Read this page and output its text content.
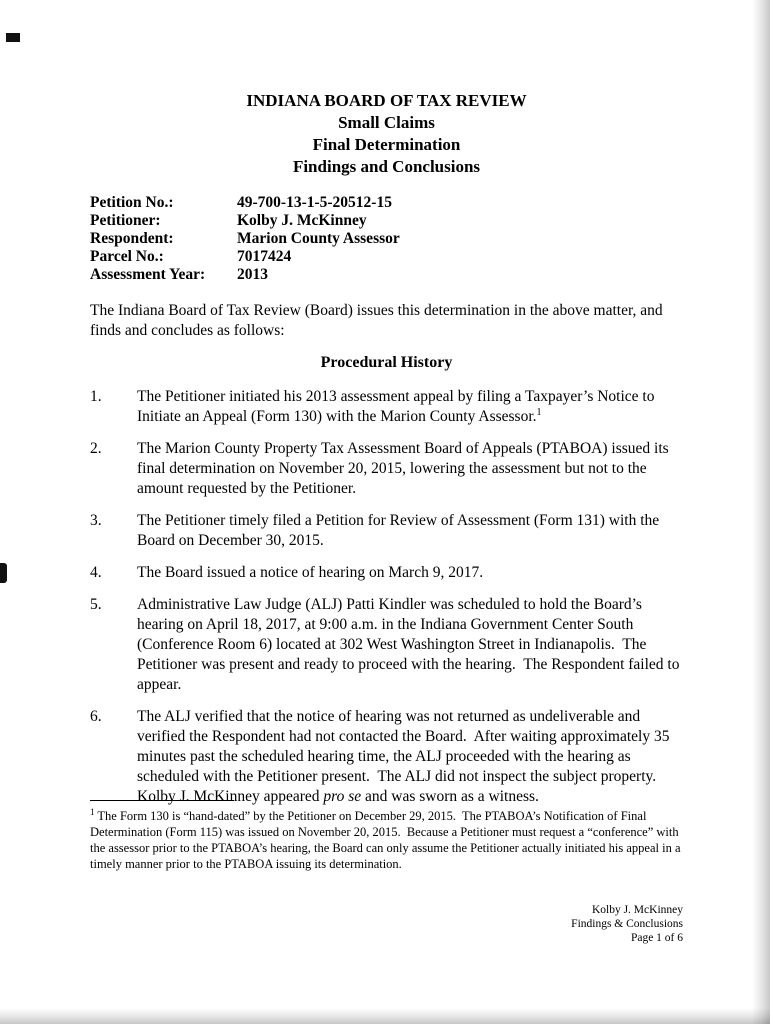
INDIANA BOARD OF TAX REVIEW
Small Claims
Final Determination
Findings and Conclusions
Petition No.:	49-700-13-1-5-20512-15
Petitioner:	Kolby J. McKinney
Respondent:	Marion County Assessor
Parcel No.:	7017424
Assessment Year:	2013

The Indiana Board of Tax Review (Board) issues this determination in the above matter, and finds and concludes as follows:

Procedural History
1.	The Petitioner initiated his 2013 assessment appeal by filing a Taxpayer’s Notice to Initiate an Appeal (Form 130) with the Marion County Assessor.$^1$
2.	The Marion County Property Tax Assessment Board of Appeals (PTABOA) issued its final determination on November 20, 2015, lowering the assessment but not to the amount requested by the Petitioner.
3.	The Petitioner timely filed a Petition for Review of Assessment (Form 131) with the Board on December 30, 2015.
4.	The Board issued a notice of hearing on March 9, 2017.
5.	Administrative Law Judge (ALJ) Patti Kindler was scheduled to hold the Board’s hearing on April 18, 2017, at 9:00 a.m. in the Indiana Government Center South (Conference Room 6) located at 302 West Washington Street in Indianapolis.  The Petitioner was present and ready to proceed with the hearing.  The Respondent failed to appear.
6.	The ALJ verified that the notice of hearing was not returned as undeliverable and verified the Respondent had not contacted the Board.  After waiting approximately 35 minutes past the scheduled hearing time, the ALJ proceeded with the hearing as scheduled with the Petitioner present.  The ALJ did not inspect the subject property.  Kolby J. McKinney appeared pro se and was sworn as a witness.
$^1$ The Form 130 is “hand-dated” by the Petitioner on December 29, 2015.  The PTABOA’s Notification of Final Determination (Form 115) was issued on November 20, 2015.  Because a Petitioner must request a “conference” with the assessor prior to the PTABOA’s hearing, the Board can only assume the Petitioner actually initiated his appeal in a timely manner prior to the PTABOA issuing its determination.
Kolby J. McKinney
Findings & Conclusions
Page 1 of 6
